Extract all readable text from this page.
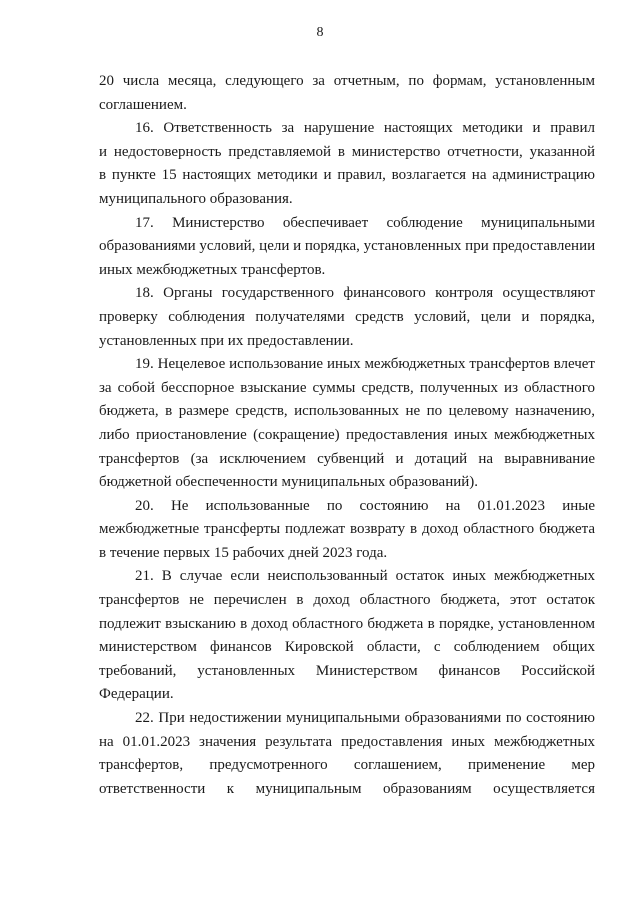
8
20 числа месяца, следующего за отчетным, по формам, установленным
соглашением.
16. Ответственность за нарушение настоящих методики и правил
и недостоверность представляемой в министерство отчетности, указанной
в пункте 15 настоящих методики и правил, возлагается на администрацию
муниципального образования.
17. Министерство обеспечивает соблюдение муниципальными
образованиями условий, цели и порядка, установленных при предоставлении
иных межбюджетных трансфертов.
18. Органы государственного финансового контроля осуществляют
проверку соблюдения получателями средств условий, цели и порядка,
установленных при их предоставлении.
19. Нецелевое использование иных межбюджетных трансфертов влечет
за собой бесспорное взыскание суммы средств, полученных из областного
бюджета, в размере средств, использованных не по целевому назначению,
либо приостановление (сокращение) предоставления иных межбюджетных
трансфертов (за исключением субвенций и дотаций на выравнивание
бюджетной обеспеченности муниципальных образований).
20. Не использованные по состоянию на 01.01.2023 иные
межбюджетные трансферты подлежат возврату в доход областного бюджета
в течение первых 15 рабочих дней 2023 года.
21. В случае если неиспользованный остаток иных межбюджетных
трансфертов не перечислен в доход областного бюджета, этот остаток
подлежит взысканию в доход областного бюджета в порядке, установленном
министерством финансов Кировской области, с соблюдением общих
требований, установленных Министерством финансов Российской
Федерации.
22. При недостижении муниципальными образованиями по состоянию
на 01.01.2023 значения результата предоставления иных межбюджетных
трансфертов, предусмотренного соглашением, применение мер
ответственности к муниципальным образованиям осуществляется
